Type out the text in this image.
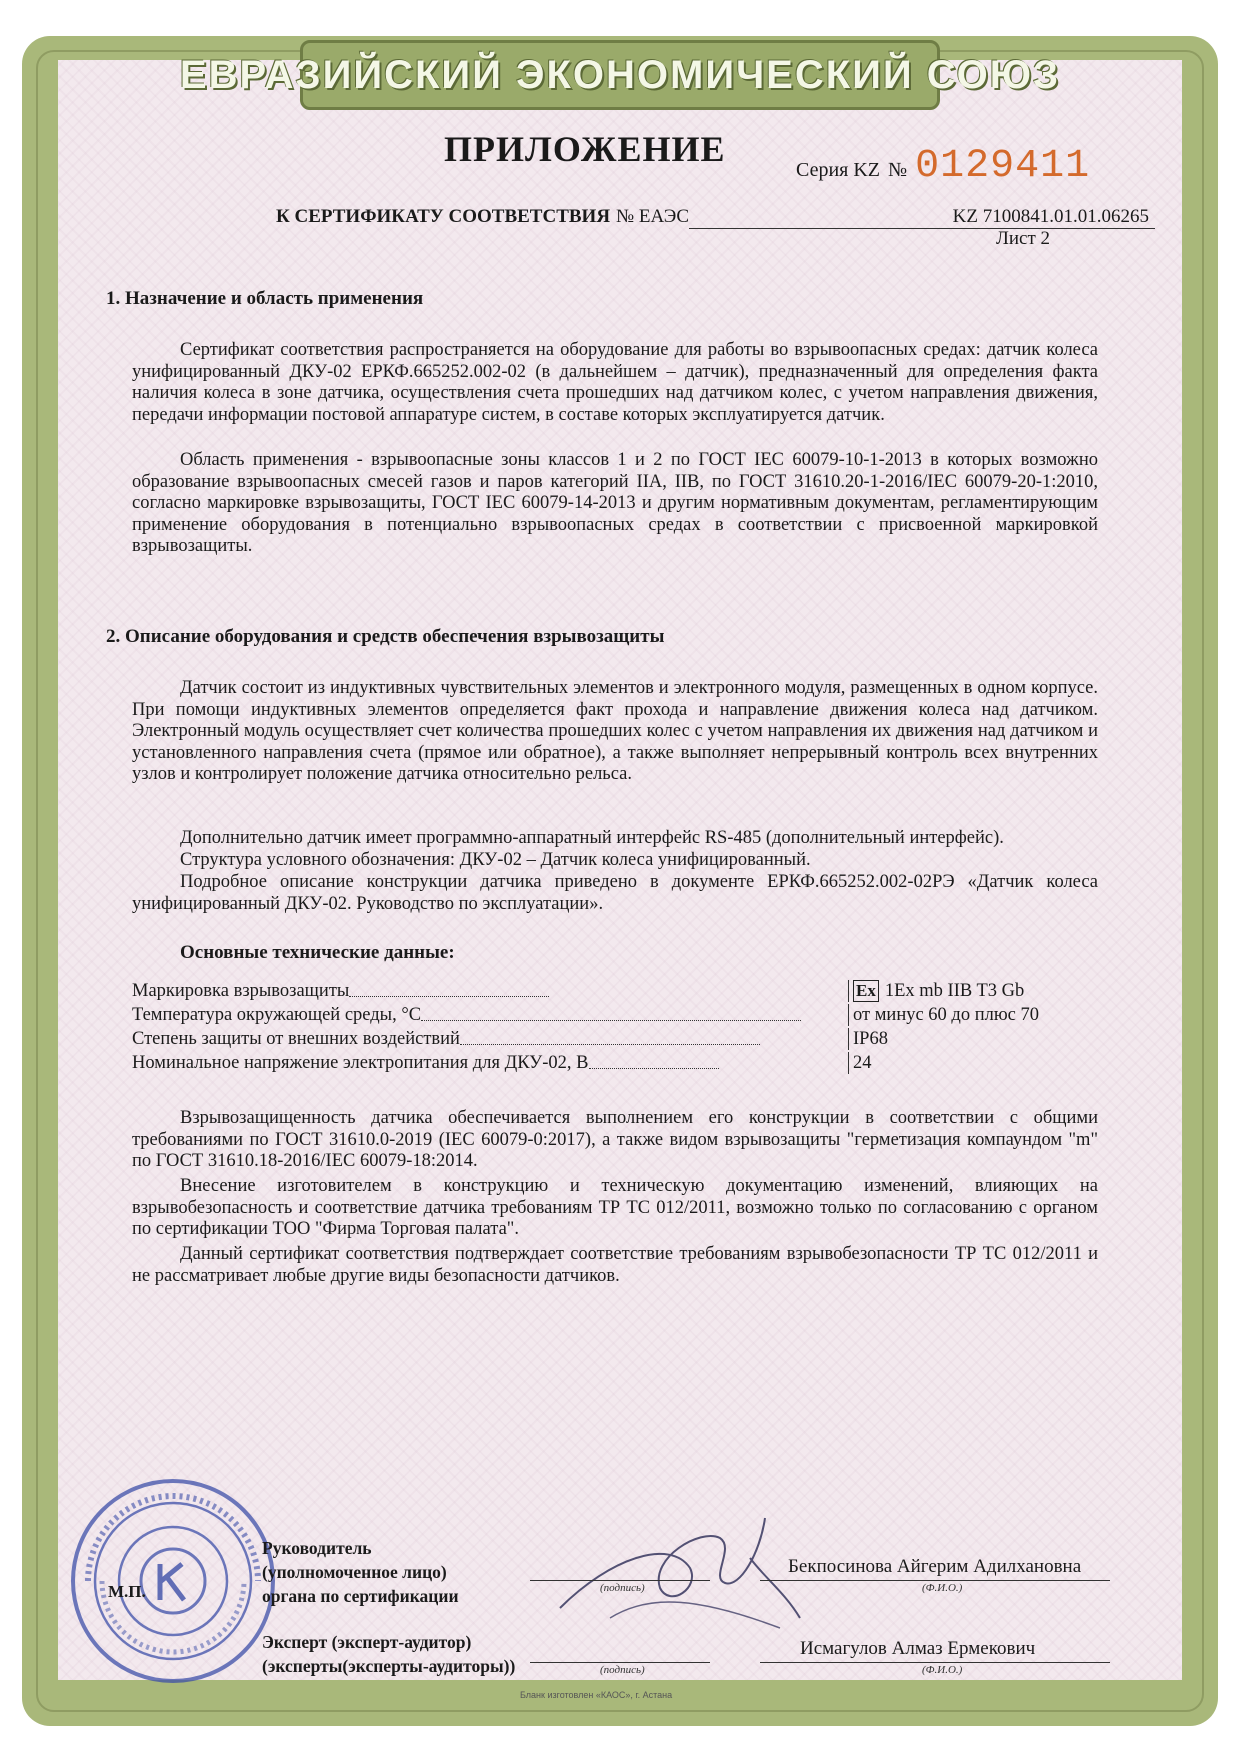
ЕВРАЗИЙСКИЙ ЭКОНОМИЧЕСКИЙ СОЮЗ
ПРИЛОЖЕНИЕ
Серия KZ № 0129411
К СЕРТИФИКАТУ СООТВЕТСТВИЯ № ЕАЭС	KZ 7100841.01.01.06265
Лист 2
1. Назначение и область применения

Сертификат соответствия распространяется на оборудование для работы во взрывоопасных средах: датчик колеса унифицированный ДКУ-02 ЕРКФ.665252.002-02 (в дальнейшем – датчик), предназначенный для определения факта наличия колеса в зоне датчика, осуществления счета прошедших над датчиком колес, с учетом направления движения, передачи информации постовой аппаратуре систем, в составе которых эксплуатируется датчик.

Область применения - взрывоопасные зоны классов 1 и 2 по ГОСТ IEC 60079-10-1-2013 в которых возможно образование взрывоопасных смесей газов и паров категорий IIA, IIB, по ГОСТ 31610.20-1-2016/IEC 60079-20-1:2010, согласно маркировке взрывозащиты, ГОСТ IEC 60079-14-2013 и другим нормативным документам, регламентирующим применение оборудования в потенциально взрывоопасных средах в соответствии с присвоенной маркировкой взрывозащиты.

2. Описание оборудования и средств обеспечения взрывозащиты

Датчик состоит из индуктивных чувствительных элементов и электронного модуля, размещенных в одном корпусе. При помощи индуктивных элементов определяется факт прохода и направление движения колеса над датчиком. Электронный модуль осуществляет счет количества прошедших колес с учетом направления их движения над датчиком и установленного направления счета (прямое или обратное), а также выполняет непрерывный контроль всех внутренних узлов и контролирует положение датчика относительно рельса.

Дополнительно датчик имеет программно-аппаратный интерфейс RS-485 (дополнительный интерфейс).

Структура условного обозначения: ДКУ-02 – Датчик колеса унифицированный.

Подробное описание конструкции датчика приведено в документе ЕРКФ.665252.002-02РЭ «Датчик колеса унифицированный ДКУ-02. Руководство по эксплуатации».

Основные технические данные:
Маркировка взрывозащиты	Ex 1Ex mb IIB T3 Gb
Температура окружающей среды, °С	от минус 60 до плюс 70
Степень защиты от внешних воздействий	IP68
Номинальное напряжение электропитания для ДКУ-02, В	24

Взрывозащищенность датчика обеспечивается выполнением его конструкции в соответствии с общими требованиями по ГОСТ 31610.0-2019 (IEC 60079-0:2017), а также видом взрывозащиты "герметизация компаундом "m" по ГОСТ 31610.18-2016/IEC 60079-18:2014.

Внесение изготовителем в конструкцию и техническую документацию изменений, влияющих на взрывобезопасность и соответствие датчика требованиям ТР ТС 012/2011, возможно только по согласованию с органом по сертификации ТОО "Фирма Торговая палата".

Данный сертификат соответствия подтверждает соответствие требованиям взрывобезопасности ТР ТС 012/2011 и не рассматривает любые другие виды безопасности датчиков.

М.П.
Руководитель
(уполномоченное лицо)
органа по сертификации
Эксперт (эксперт-аудитор)
(эксперты(эксперты-аудиторы))
(подпись)
Бекпосинова Айгерим Адилхановна
(Ф.И.О.)
(подпись)
Исмагулов Алмаз Ермекович
(Ф.И.О.)
Бланк изготовлен «КАОС», г. Астана
